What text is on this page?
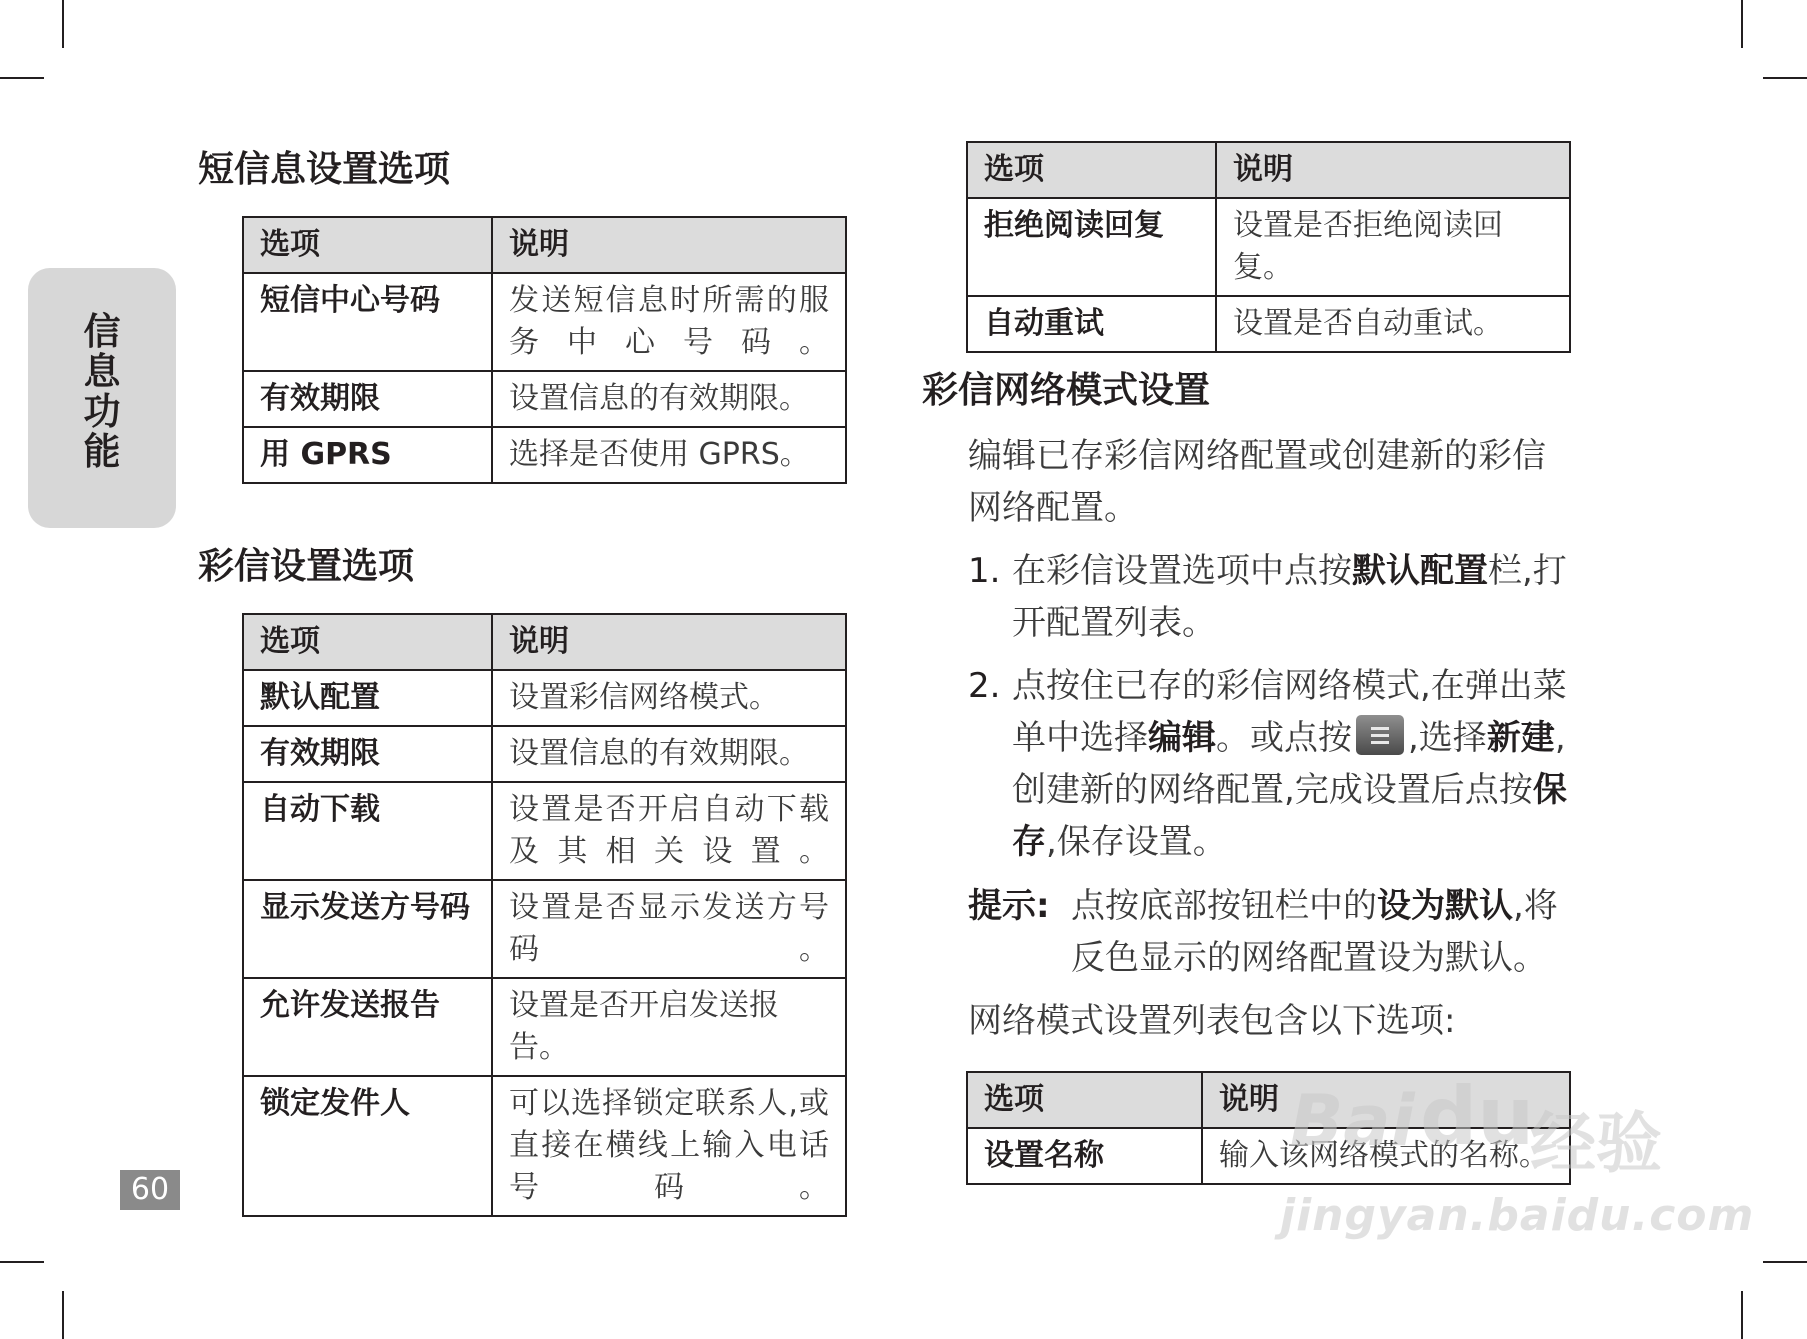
信
息
功
能
60
短信息设置选项
选项	说明
短信中心号码	发送短信息时所需的服务中心号码。
有效期限	设置信息的有效期限。
用 GPRS	选择是否使用 GPRS。
彩信设置选项
选项	说明
默认配置	设置彩信网络模式。
有效期限	设置信息的有效期限。
自动下载	设置是否开启自动下载及其相关设置。
显示发送方号码	设置是否显示发送方号码。
允许发送报告	设置是否开启发送报告。
锁定发件人	可以选择锁定联系人,或直接在横线上输入电话号码。
选项	说明
拒绝阅读回复	设置是否拒绝阅读回复。
自动重试	设置是否自动重试。
彩信网络模式设置
编辑已存彩信网络配置或创建新的彩信网络配置。
1. 在彩信设置选项中点按默认配置栏,打开配置列表。
2. 点按住已存的彩信网络模式,在弹出菜单中选择编辑。或点按 ,选择新建,创建新的网络配置,完成设置后点按保存,保存设置。
提示: 点按底部按钮栏中的设为默认,将反色显示的网络配置设为默认。
网络模式设置列表包含以下选项:
选项	说明
设置名称	输入该网络模式的名称。
Bai du
经验
jingyan.baidu.com
